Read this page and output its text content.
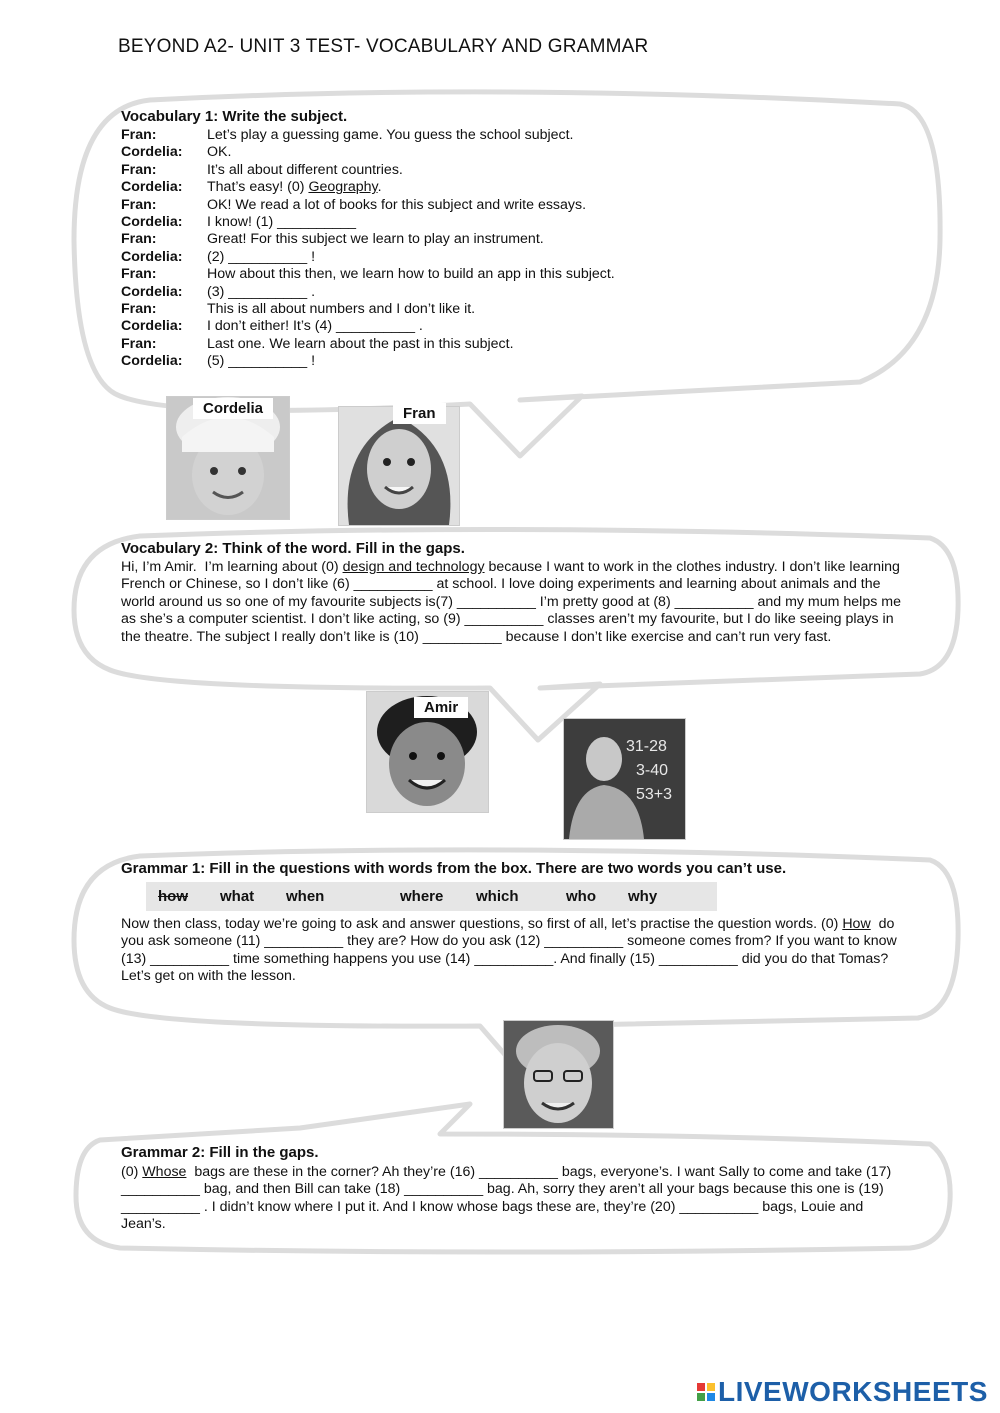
BEYOND A2- UNIT 3 TEST- VOCABULARY AND GRAMMAR
Vocabulary 1: Write the subject.
Fran:	Let’s play a guessing game. You guess the school subject.
Cordelia:	OK.
Fran:	It’s all about different countries.
Cordelia:	That’s easy! (0) Geography.
Fran:	OK! We read a lot of books for this subject and write essays.
Cordelia:	I know! (1) __________
Fran:	Great! For this subject we learn to play an instrument.
Cordelia:	(2) __________ !
Fran:	How about this then, we learn how to build an app in this subject.
Cordelia:	(3) __________ .
Fran:	This is all about numbers and I don’t like it.
Cordelia:	I don’t either! It’s (4) __________ .
Fran:	Last one. We learn about the past in this subject.
Cordelia:	(5) __________ !
Cordelia	Fran
Vocabulary 2: Think of the word. Fill in the gaps.
Hi, I’m Amir.  I’m learning about (0) design and technology because I want to work in the clothes industry. I don’t like learning French or Chinese, so I don’t like (6) __________ at school. I love doing experiments and learning about animals and the world around us so one of my favourite subjects is(7) __________ I’m pretty good at (8) __________ and my mum helps me as she’s a computer scientist. I don’t like acting, so (9) __________ classes aren’t my favourite, but I do like seeing plays in the theatre. The subject I really don’t like is (10) __________ because I don’t like exercise and can’t run very fast.
Amir
31-28
3-40
53+3
Grammar 1: Fill in the questions with words from the box. There are two words you can’t use.
how what when	where which	who why
Now then class, today we’re going to ask and answer questions, so first of all, let’s practise the question words. (0) How  do you ask someone (11) __________ they are? How do you ask (12) __________ someone comes from? If you want to know (13) __________ time something happens you use (14) __________. And finally (15) __________ did you do that Tomas? Let’s get on with the lesson.
Grammar 2: Fill in the gaps.
(0) Whose  bags are these in the corner? Ah they’re (16) __________ bags, everyone’s. I want Sally to come and take (17) __________ bag, and then Bill can take (18) __________ bag. Ah, sorry they aren’t all your bags because this one is (19) __________ . I didn’t know where I put it. And I know whose bags these are, they’re (20) __________ bags, Louie and Jean’s.
LIVEWORKSHEETS
